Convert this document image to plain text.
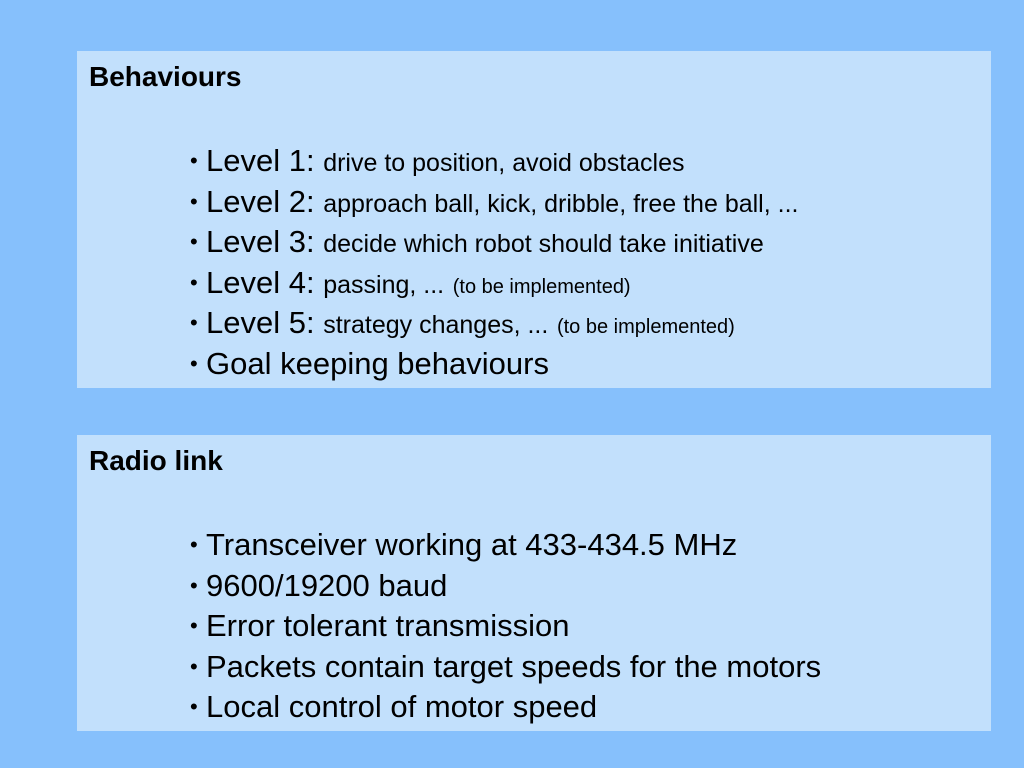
Behaviours
• Level 1: drive to position, avoid obstacles
• Level 2: approach ball, kick, dribble, free the ball, ...
• Level 3: decide which robot should take initiative
• Level 4: passing, ... (to be implemented)
• Level 5: strategy changes, ... (to be implemented)
• Goal keeping behaviours
Radio link
• Transceiver working at 433-434.5 MHz
• 9600/19200 baud
• Error tolerant transmission
• Packets contain target speeds for the motors
• Local control of motor speed
